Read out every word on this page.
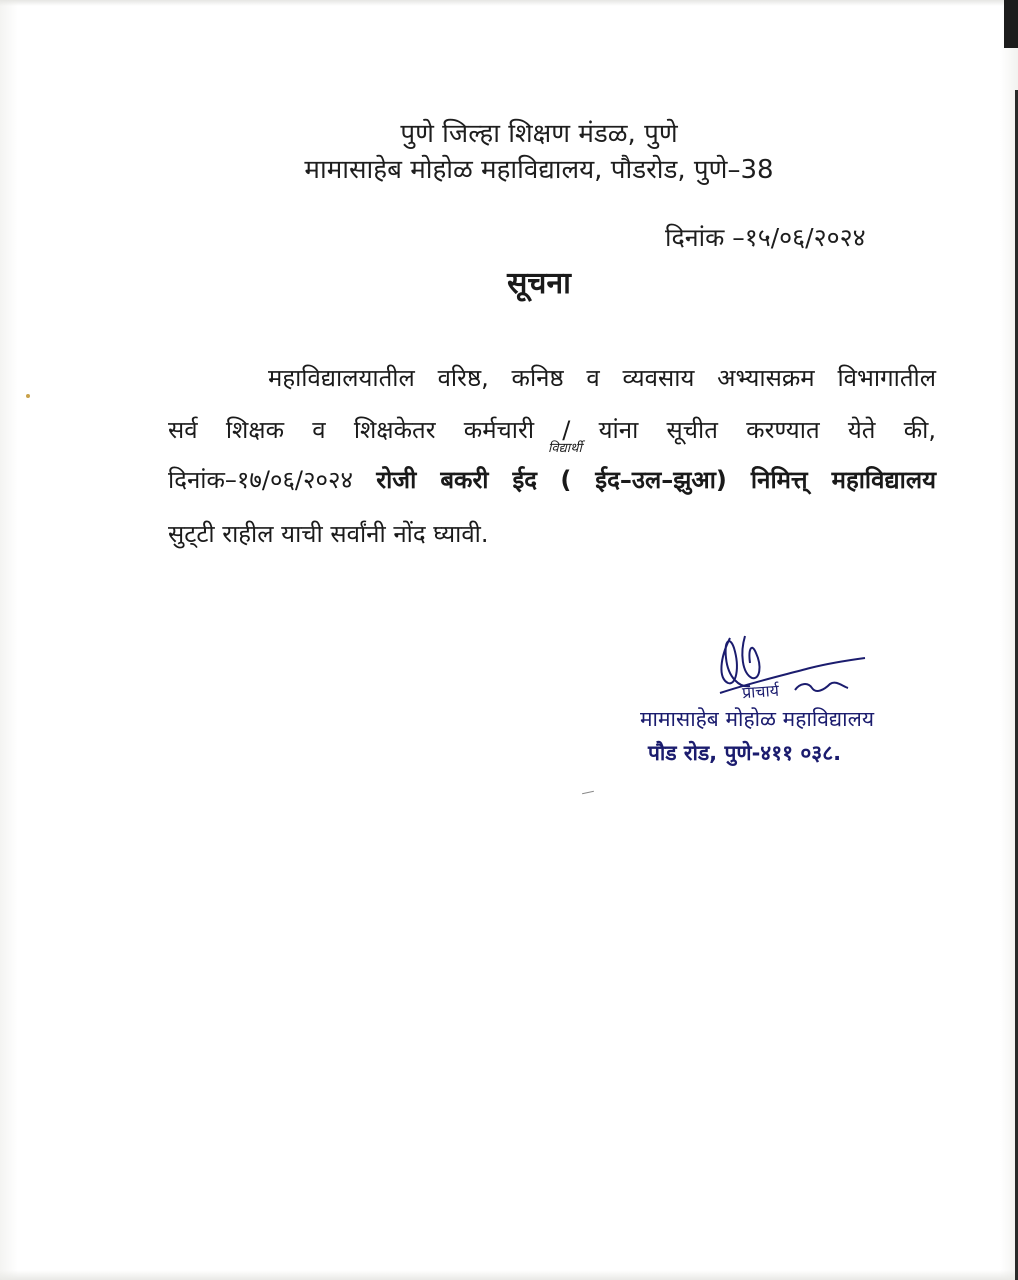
पुणे जिल्हा शिक्षण मंडळ, पुणे
मामासाहेब मोहोळ महाविद्यालय, पौडरोड, पुणे–38
दिनांक –१५/०६/२०२४
सूचना
महाविद्यालयातील वरिष्ठ, कनिष्ठ व व्यवसाय अभ्यासक्रम विभागातील
सर्व शिक्षक व शिक्षकेतर कर्मचारी / यांना सूचीत करण्यात येते की,
विद्यार्थी
दिनांक–१७/०६/२०२४ रोजी बकरी ईद ( ईद–उल–झुआ) निमित्त् महाविद्यालय
सुट्‌टी राहील याची सर्वांनी नोंद घ्यावी.
प्राचार्य
मामासाहेब मोहोळ महाविद्यालय
पौड रोड, पुणे-४११ ०३८.
